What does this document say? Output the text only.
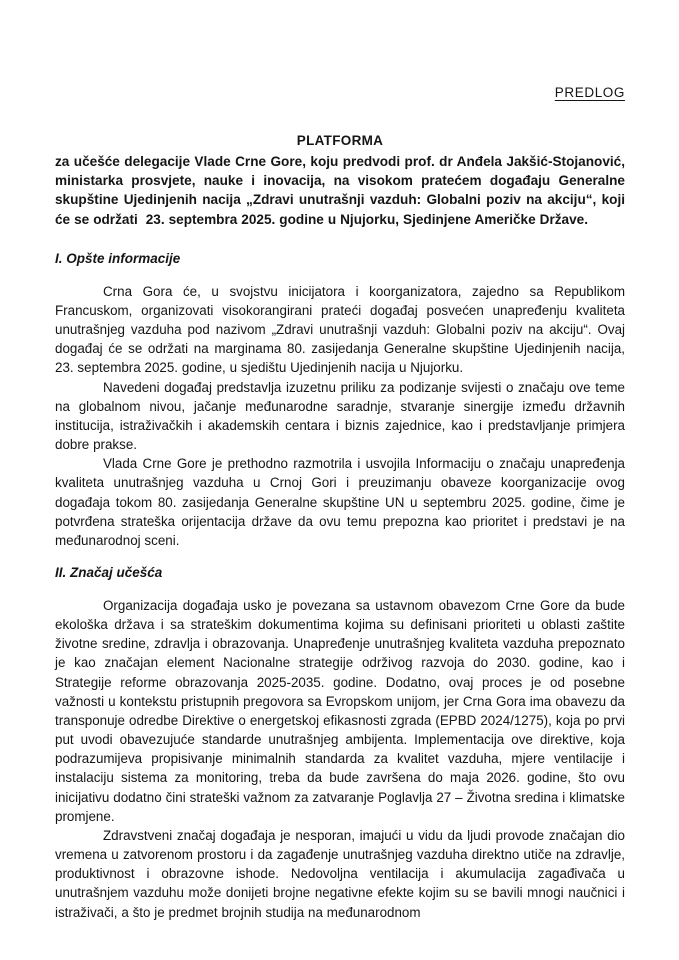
PREDLOG
PLATFORMA
za učešće delegacije Vlade Crne Gore, koju predvodi prof. dr Anđela Jakšić-Stojanović, ministarka prosvjete, nauke i inovacija, na visokom pratećem događaju Generalne skupštine Ujedinjenih nacija „Zdravi unutrašnji vazduh: Globalni poziv na akciju“, koji će se održati  23. septembra 2025. godine u Njujorku, Sjedinjene Američke Države.
I. Opšte informacije

Crna Gora će, u svojstvu inicijatora i koorganizatora, zajedno sa Republikom Francuskom, organizovati visokorangirani prateći događaj posvećen unapređenju kvaliteta unutrašnjeg vazduha pod nazivom „Zdravi unutrašnji vazduh: Globalni poziv na akciju“. Ovaj događaj će se održati na marginama 80. zasijedanja Generalne skupštine Ujedinjenih nacija, 23. septembra 2025. godine, u sjedištu Ujedinjenih nacija u Njujorku.

Navedeni događaj predstavlja izuzetnu priliku za podizanje svijesti o značaju ove teme na globalnom nivou, jačanje međunarodne saradnje, stvaranje sinergije između državnih institucija, istraživačkih i akademskih centara i biznis zajednice, kao i predstavljanje primjera dobre prakse.

Vlada Crne Gore je prethodno razmotrila i usvojila Informaciju o značaju unapređenja kvaliteta unutrašnjeg vazduha u Crnoj Gori i preuzimanju obaveze koorganizacije ovog događaja tokom 80. zasijedanja Generalne skupštine UN u septembru 2025. godine, čime je potvrđena strateška orijentacija države da ovu temu prepozna kao prioritet i predstavi je na međunarodnoj sceni.

II. Značaj učešća

Organizacija događaja usko je povezana sa ustavnom obavezom Crne Gore da bude ekološka država i sa strateškim dokumentima kojima su definisani prioriteti u oblasti zaštite životne sredine, zdravlja i obrazovanja. Unapređenje unutrašnjeg kvaliteta vazduha prepoznato je kao značajan element Nacionalne strategije održivog razvoja do 2030. godine, kao i Strategije reforme obrazovanja 2025-2035. godine. Dodatno, ovaj proces je od posebne važnosti u kontekstu pristupnih pregovora sa Evropskom unijom, jer Crna Gora ima obavezu da transponuje odredbe Direktive o energetskoj efikasnosti zgrada (EPBD 2024/1275), koja po prvi put uvodi obavezujuće standarde unutrašnjeg ambijenta. Implementacija ove direktive, koja podrazumijeva propisivanje minimalnih standarda za kvalitet vazduha, mjere ventilacije i instalaciju sistema za monitoring, treba da bude završena do maja 2026. godine, što ovu inicijativu dodatno čini strateški važnom za zatvaranje Poglavlja 27 – Životna sredina i klimatske promjene.

Zdravstveni značaj događaja je nesporan, imajući u vidu da ljudi provode značajan dio vremena u zatvorenom prostoru i da zagađenje unutrašnjeg vazduha direktno utiče na zdravlje, produktivnost i obrazovne ishode. Nedovoljna ventilacija i akumulacija zagađivača u unutrašnjem vazduhu može donijeti brojne negativne efekte kojim su se bavili mnogi naučnici i istraživači, a što je predmet brojnih studija na međunarodnom
